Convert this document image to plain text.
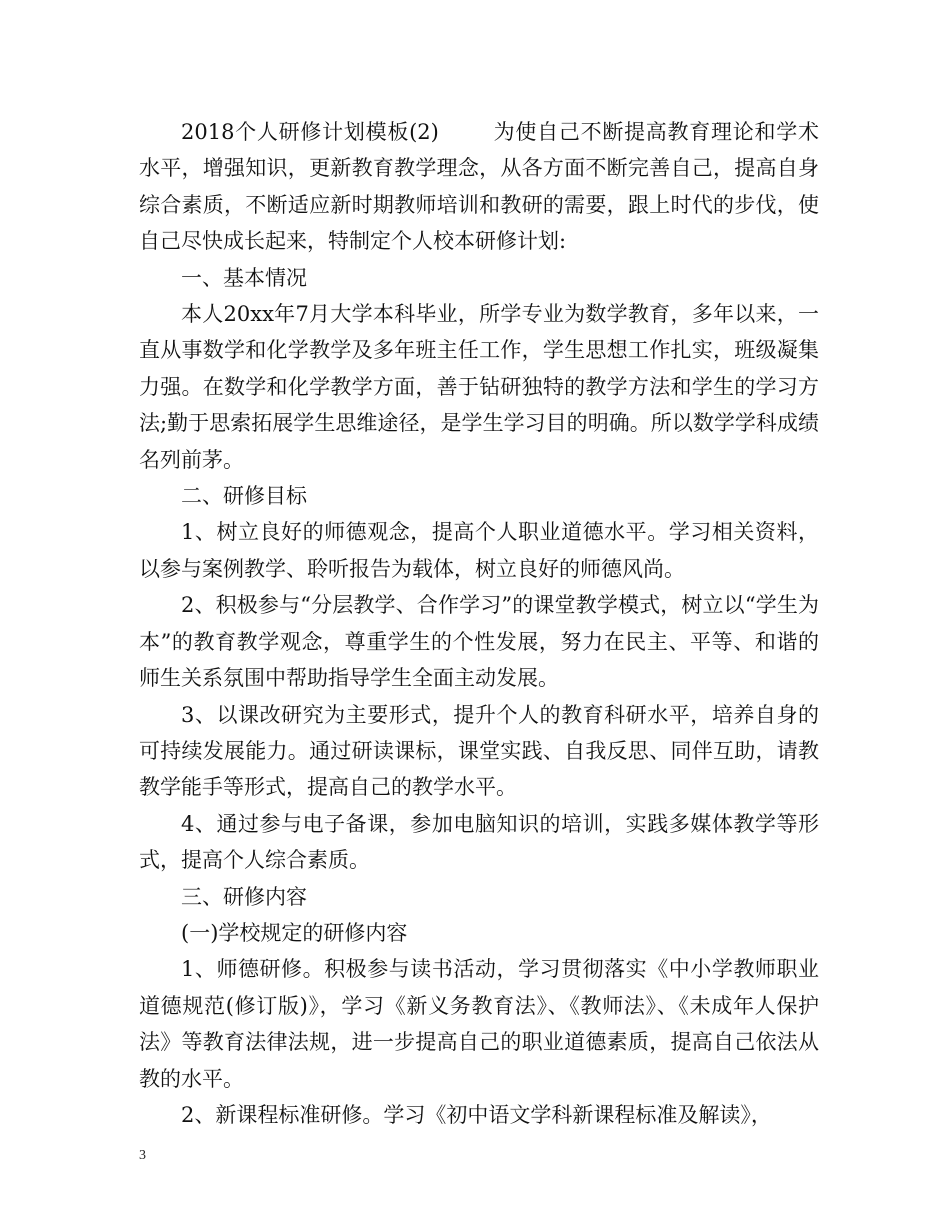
2018个人研修计划模板(2)	为使自己不断提高教育理论和学术水平，增强知识，更新教育教学理念，从各方面不断完善自己，提高自身综合素质，不断适应新时期教师培训和教研的需要，跟上时代的步伐，使自己尽快成长起来，特制定个人校本研修计划:

一、基本情况

本人20xx年7月大学本科毕业，所学专业为数学教育，多年以来，一直从事数学和化学教学及多年班主任工作，学生思想工作扎实，班级凝集力强。在数学和化学教学方面，善于钻研独特的教学方法和学生的学习方法;勤于思索拓展学生思维途径，是学生学习目的明确。所以数学学科成绩名列前茅。

二、研修目标

1、树立良好的师德观念，提高个人职业道德水平。学习相关资料，以参与案例教学、聆听报告为载体，树立良好的师德风尚。

2、积极参与“分层教学、合作学习”的课堂教学模式，树立以“学生为本”的教育教学观念，尊重学生的个性发展，努力在民主、平等、和谐的师生关系氛围中帮助指导学生全面主动发展。

3、以课改研究为主要形式，提升个人的教育科研水平，培养自身的可持续发展能力。通过研读课标，课堂实践、自我反思、同伴互助，请教教学能手等形式，提高自己的教学水平。

4、通过参与电子备课，参加电脑知识的培训，实践多媒体教学等形式，提高个人综合素质。

三、研修内容

(一)学校规定的研修内容

1、师德研修。积极参与读书活动，学习贯彻落实《中小学教师职业道德规范(修订版)》，学习《新义务教育法》、《教师法》、《未成年人保护法》等教育法律法规，进一步提高自己的职业道德素质，提高自己依法从教的水平。

2、新课程标准研修。学习《初中语文学科新课程标准及解读》，

3
